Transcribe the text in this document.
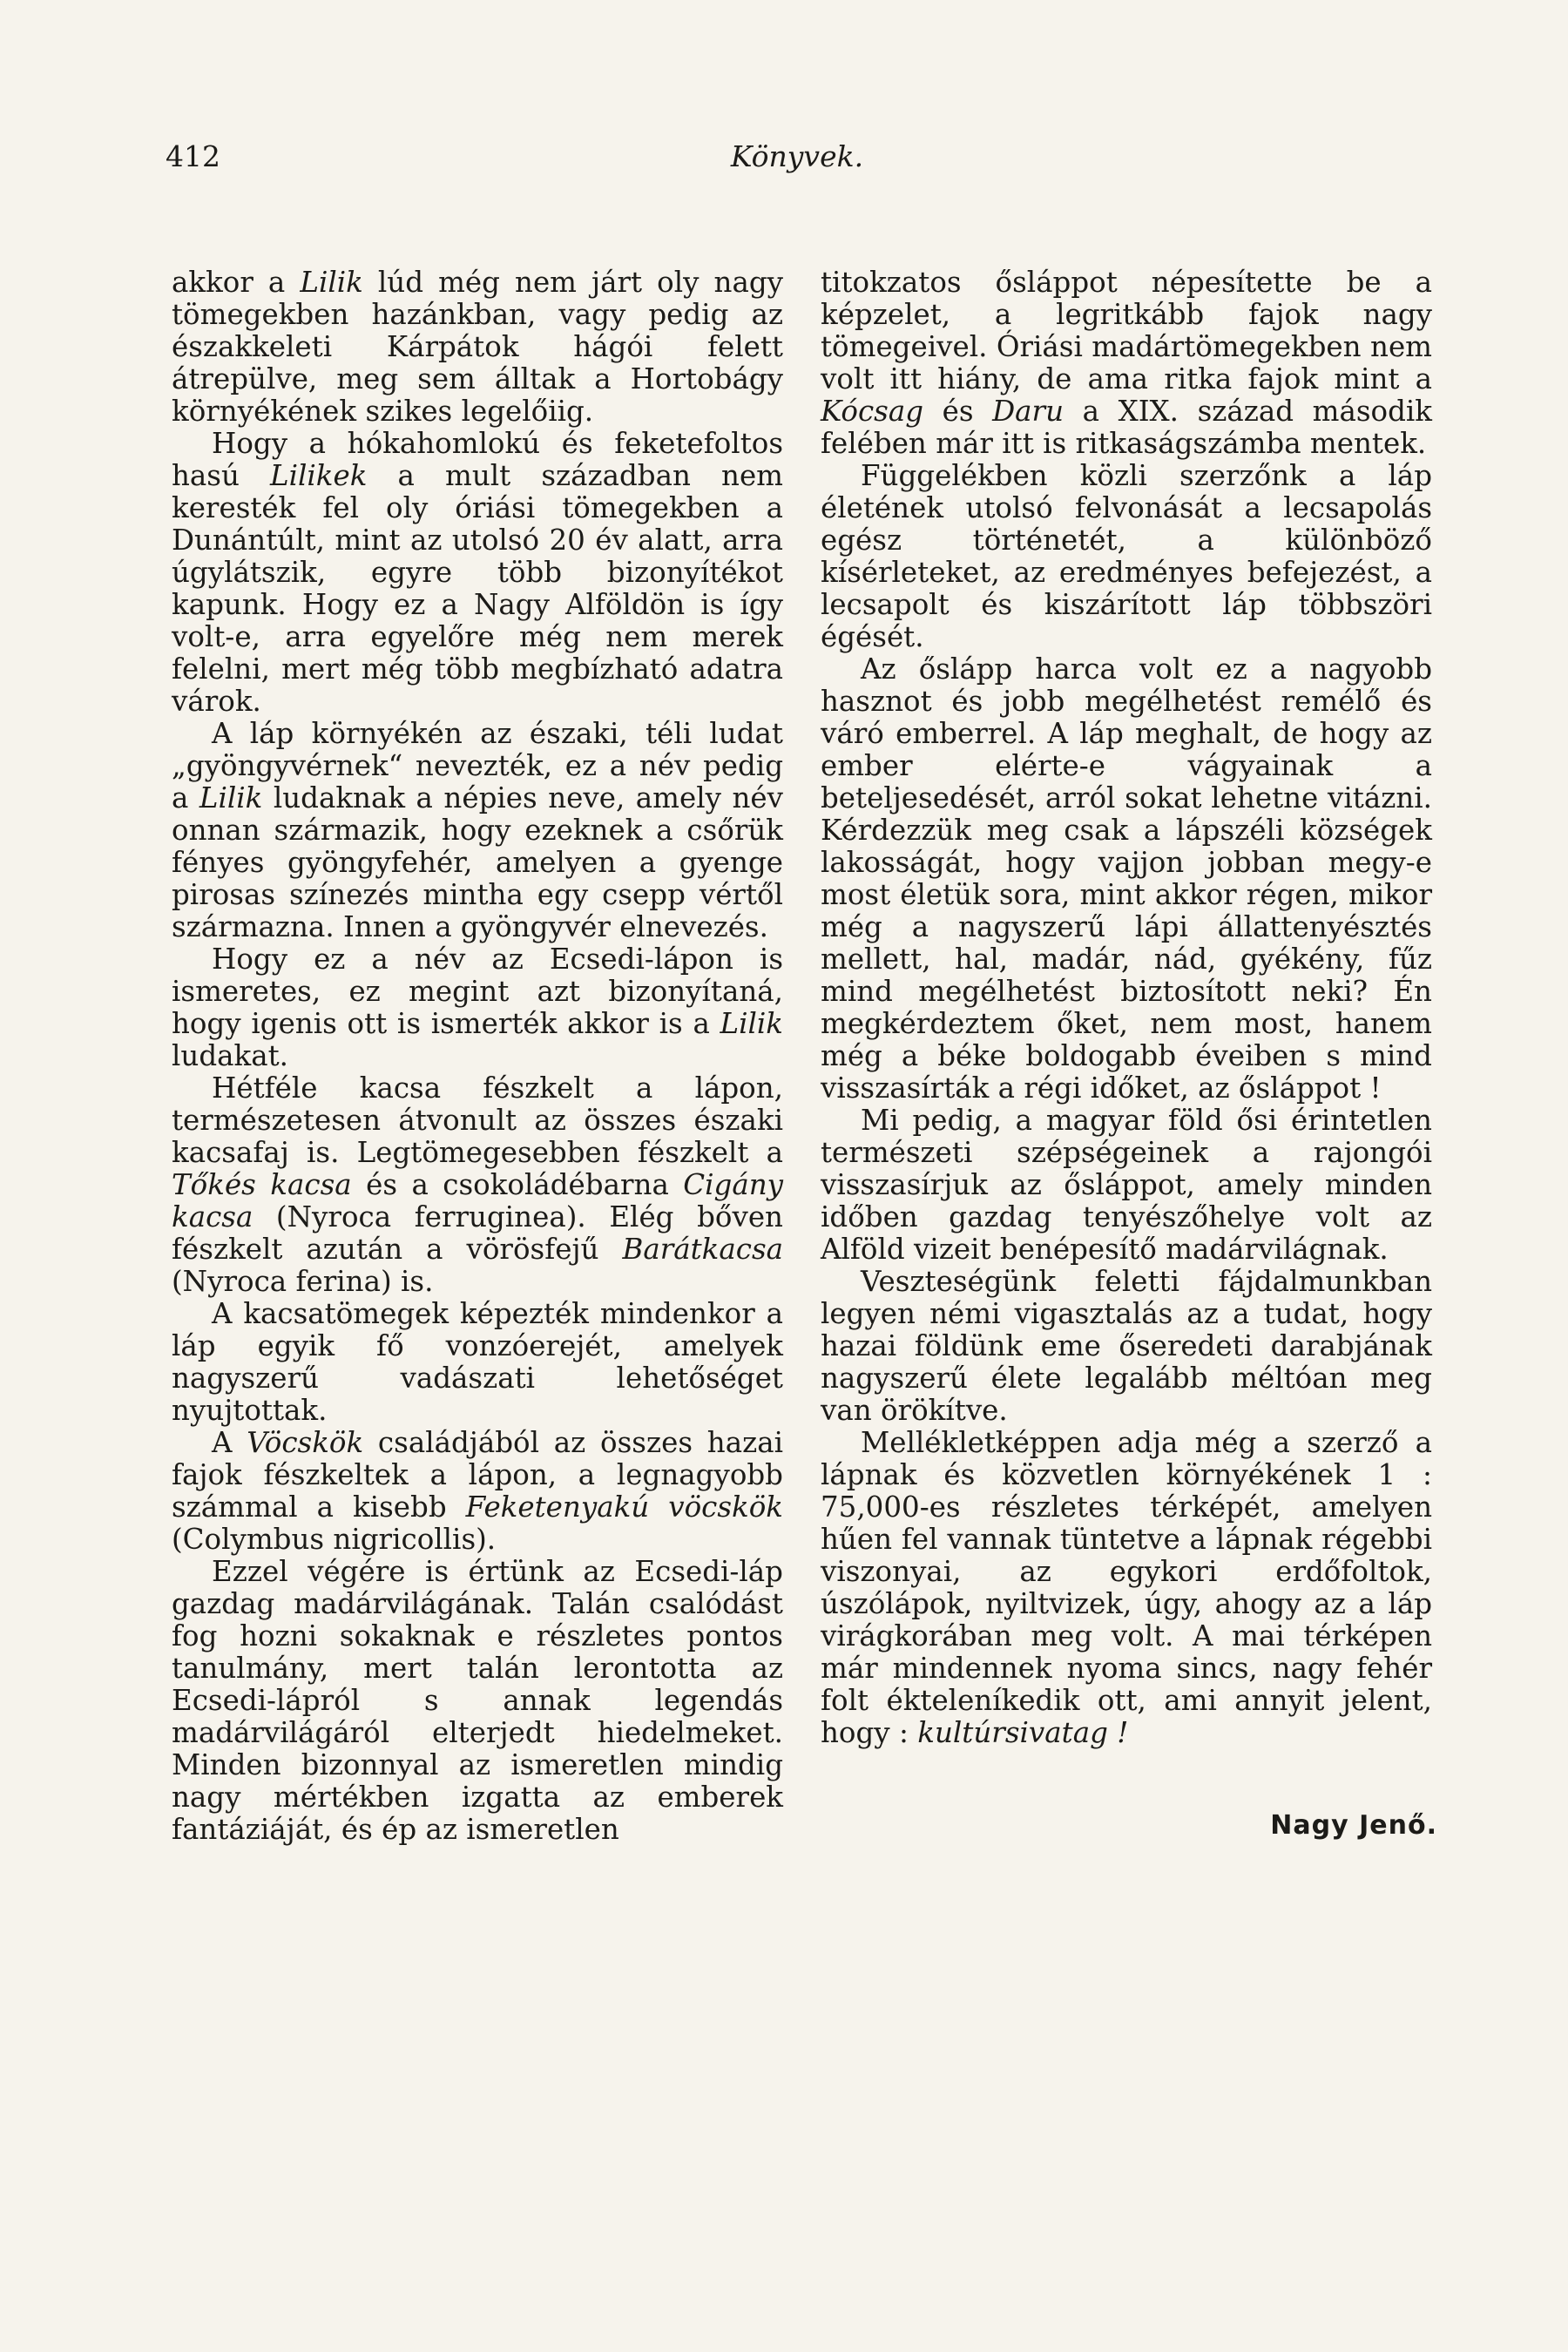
412	Könyvek.

akkor a Lilik lúd még nem járt oly nagy tömegekben hazánkban, vagy pedig az északkeleti Kárpátok hágói felett átrepülve, meg sem álltak a Hortobágy környékének szikes legelőiig.

Hogy a hókahomlokú és feketefoltos hasú Lilikek a mult században nem keresték fel oly óriási tömegekben a Dunántúlt, mint az utolsó 20 év alatt, arra úgylátszik, egyre több bizonyítékot kapunk. Hogy ez a Nagy Alföldön is így volt-e, arra egyelőre még nem merek felelni, mert még több megbízható adatra várok.

A láp környékén az északi, téli ludat „gyöngyvérnek“ nevezték, ez a név pedig a Lilik ludaknak a népies neve, amely név onnan származik, hogy ezeknek a csőrük fényes gyöngyfehér, amelyen a gyenge pirosas színezés mintha egy csepp vértől származna. Innen a gyöngyvér elnevezés.

Hogy ez a név az Ecsedi-lápon is ismeretes, ez megint azt bizonyítaná, hogy igenis ott is ismerték akkor is a Lilik ludakat.

Hétféle kacsa fészkelt a lápon, természetesen átvonult az összes északi kacsafaj is. Legtömegesebben fészkelt a Tőkés kacsa és a csokoládébarna Cigány kacsa (Nyroca ferruginea). Elég bőven fészkelt azután a vörösfejű Barátkacsa (Nyroca ferina) is.

A kacsatömegek képezték mindenkor a láp egyik fő vonzóerejét, amelyek nagyszerű vadászati lehetőséget nyujtottak.

A Vöcskök családjából az összes hazai fajok fészkeltek a lápon, a legnagyobb számmal a kisebb Feketenyakú vöcskök (Colymbus nigricollis).

Ezzel végére is értünk az Ecsedi-láp gazdag madárvilágának. Talán csalódást fog hozni sokaknak e részletes pontos tanulmány, mert talán lerontotta az Ecsedi-lápról s annak legendás madárvilágáról elterjedt hiedelmeket. Minden bizonnyal az ismeretlen mindig nagy mértékben izgatta az emberek fantáziáját, és ép az ismeretlen

titokzatos ősláppot népesítette be a képzelet, a legritkább fajok nagy tömegeivel. Óriási madártömegekben nem volt itt hiány, de ama ritka fajok mint a Kócsag és Daru a XIX. század második felében már itt is ritkaságszámba mentek.

Függelékben közli szerzőnk a láp életének utolsó felvonását a lecsapolás egész történetét, a különböző kísérleteket, az eredményes befejezést, a lecsapolt és kiszárított láp többszöri égését.

Az őslápp harca volt ez a nagyobb hasznot és jobb megélhetést remélő és váró emberrel. A láp meghalt, de hogy az ember elérte-e vágyainak a beteljesedését, arról sokat lehetne vitázni. Kérdezzük meg csak a lápszéli községek lakosságát, hogy vajjon jobban megy-e most életük sora, mint akkor régen, mikor még a nagyszerű lápi állattenyésztés mellett, hal, madár, nád, gyékény, fűz mind megélhetést biztosított neki? Én megkérdeztem őket, nem most, hanem még a béke boldogabb éveiben s mind visszasírták a régi időket, az ősláppot !

Mi pedig, a magyar föld ősi érintetlen természeti szépségeinek a rajongói visszasírjuk az ősláppot, amely minden időben gazdag tenyészőhelye volt az Alföld vizeit benépesítő madárvilágnak.

Veszteségünk feletti fájdalmunkban legyen némi vigasztalás az a tudat, hogy hazai földünk eme őseredeti darabjának nagyszerű élete legalább méltóan meg van örökítve.

Mellékletképpen adja még a szerző a lápnak és közvetlen környékének 1 : 75,000-es részletes térképét, amelyen hűen fel vannak tüntetve a lápnak régebbi viszonyai, az egykori erdőfoltok, úszólápok, nyiltvizek, úgy, ahogy az a láp virágkorában meg volt. A mai térképen már mindennek nyoma sincs, nagy fehér folt ékteleníkedik ott, ami annyit jelent, hogy : kultúrsivatag !

Nagy Jenő.
